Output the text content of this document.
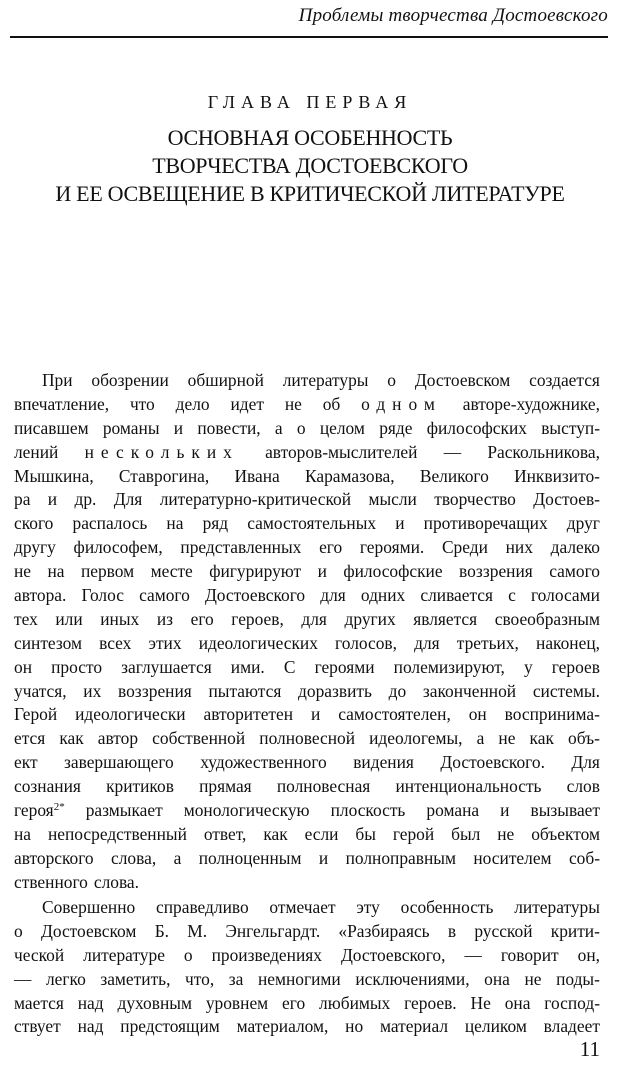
Проблемы творчества Достоевского
ГЛАВА ПЕРВАЯ
ОСНОВНАЯ ОСОБЕННОСТЬ
ТВОРЧЕСТВА ДОСТОЕВСКОГО
И ЕЕ ОСВЕЩЕНИЕ В КРИТИЧЕСКОЙ ЛИТЕРАТУРЕ
При обозрении обширной литературы о Достоевском создается
впечатление, что дело идет не об одном авторе-художнике,
писавшем романы и повести, а о целом ряде философских выступ-
лений нескольких авторов-мыслителей — Раскольникова,
Мышкина, Ставрогина, Ивана Карамазова, Великого Инквизито-
ра и др. Для литературно-критической мысли творчество Достоев-
ского распалось на ряд самостоятельных и противоречащих друг
другу философем, представленных его героями. Среди них далеко
не на первом месте фигурируют и философские воззрения самого
автора. Голос самого Достоевского для одних сливается с голосами
тех или иных из его героев, для других является своеобразным
синтезом всех этих идеологических голосов, для третьих, наконец,
он просто заглушается ими. С героями полемизируют, у героев
учатся, их воззрения пытаются доразвить до законченной системы.
Герой идеологически авторитетен и самостоятелен, он воспринима-
ется как автор собственной полновесной идеологемы, а не как объ-
ект завершающего художественного видения Достоевского. Для
сознания критиков прямая полновесная интенциональность слов
героя$^{2*}$ размыкает монологическую плоскость романа и вызывает
на непосредственный ответ, как если бы герой был не объектом
авторского слова, а полноценным и полноправным носителем соб-
ственного слова.
Совершенно справедливо отмечает эту особенность литературы
о Достоевском Б. М. Энгельгардт. «Разбираясь в русской крити-
ческой литературе о произведениях Достоевского, — говорит он,
— легко заметить, что, за немногими исключениями, она не поды-
мается над духовным уровнем его любимых героев. Не она господ-
ствует над предстоящим материалом, но материал целиком владеет
11
